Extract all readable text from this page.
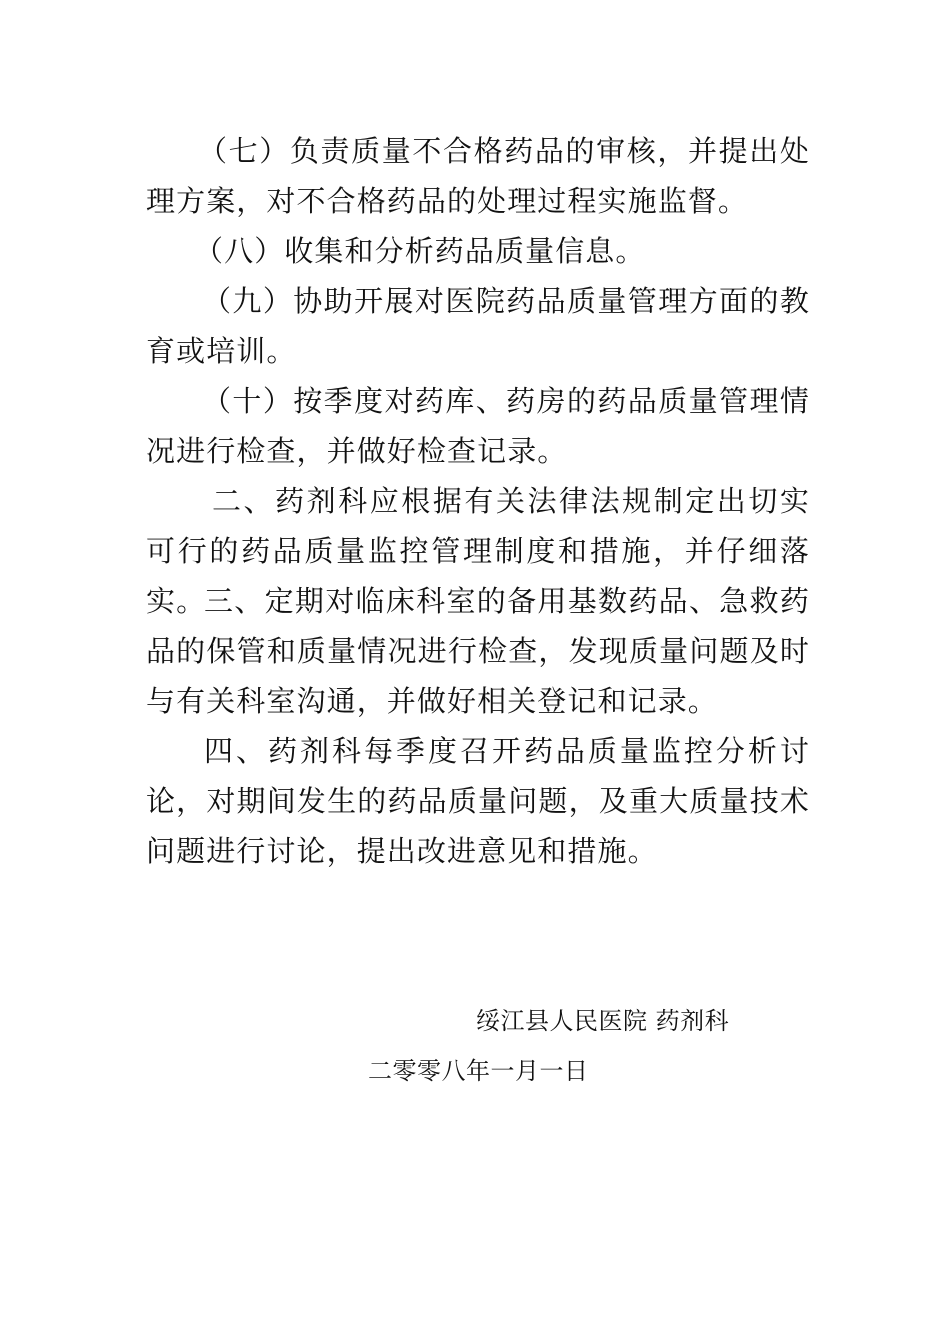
（七）负责质量不合格药品的审核，并提出处理方案，对不合格药品的处理过程实施监督。

（八）收集和分析药品质量信息。

（九）协助开展对医院药品质量管理方面的教育或培训。

（十）按季度对药库、药房的药品质量管理情况进行检查，并做好检查记录。

二、药剂科应根据有关法律法规制定出切实可行的药品质量监控管理制度和措施，并仔细落实。

三、定期对临床科室的备用基数药品、急救药品的保管和质量情况进行检查，发现质量问题及时与有关科室沟通，并做好相关登记和记录。

四、药剂科每季度召开药品质量监控分析讨论，对期间发生的药品质量问题，及重大质量技术问题进行讨论，提出改进意见和措施。

绥江县人民医院 药剂科

二零零八年一月一日
